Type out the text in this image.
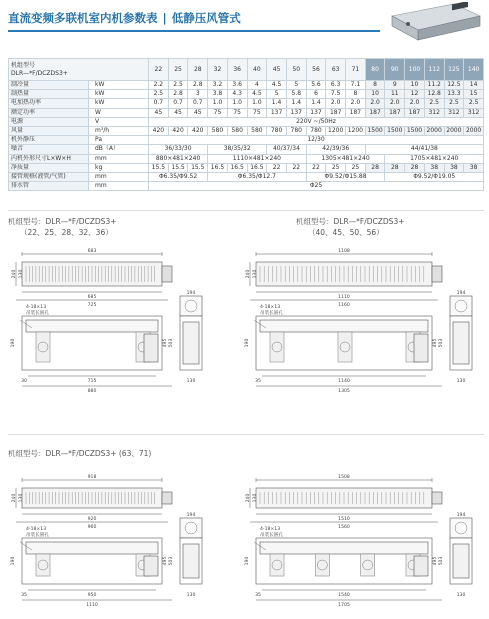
直流变频多联机室内机参数表 | 低静压风管式
机组型号
DLR—*F/DCZDS3+		22	25	28	32	36	40	45	50	56	63	71	80	90	100	112	125	140
制冷量	kW	2.2	2.5	2.8	3.2	3.6	4	4.5	5	5.6	6.3	7.1	8	9	10	11.2	12.5	14
制热量	kW	2.5	2.8	3	3.8	4.3	4.5	5	5.8	6	7.5	8	10	11	12	12.8	13.3	15
电加热功率	kW	0.7	0.7	0.7	1.0	1.0	1.0	1.4	1.4	1.4	2.0	2.0	2.0	2.0	2.0	2.5	2.5	2.5
额定功率	W	45	45	45	75	75	75	137	137	137	187	187	187	187	187	312	312	312
电源	V	220V ~/50Hz																
风量	m³/h	420	420	420	580	580	580	780	780	780	1200	1200	1500	1500	1500	2000	2000	2000
机外静压	Pa	12/30																
噪音	dB（A）	36/33/30			38/35/32			40/37/34		42/39/36			44/41/38					
内机外形尺寸L×W×H	mm	880×481×240			1110×481×240					1305×481×240				1705×481×240				
净质量	kg	15.5	15.5	15.5	16.5	16.5	16.5	22	22	22	25	25	28	28	28	38	38	38
接管规格(液管/气管)	mm	Φ6.35/Φ9.52			Φ6.35/Φ12.7					Φ9.52/Φ15.88				Φ9.52/Φ19.05				
排水管	mm	Φ25																
机组型号：DLR—*F/DCZDS3+
（22、25、28、32、36）
机组型号：DLR—*F/DCZDS3+
（40、45、50、56）
机组型号：DLR—*F/DCZDS3+ (63、71)
683
240 130
685
725
4-18×13
吊装长圆孔
190	495 503
715
30
880
194
130
1108
240 130
1110
1160
4-18×13
吊装长圆孔
190	495 503
1140
35
1305
194
130
918
240 130
920
960
4-18×13
吊装长圆孔
190	495 503
950
35
1110
194
130
1508
240 130
1510
1560
4-18×13
吊装长圆孔
190	495 503
1540
35
1705
194
130
